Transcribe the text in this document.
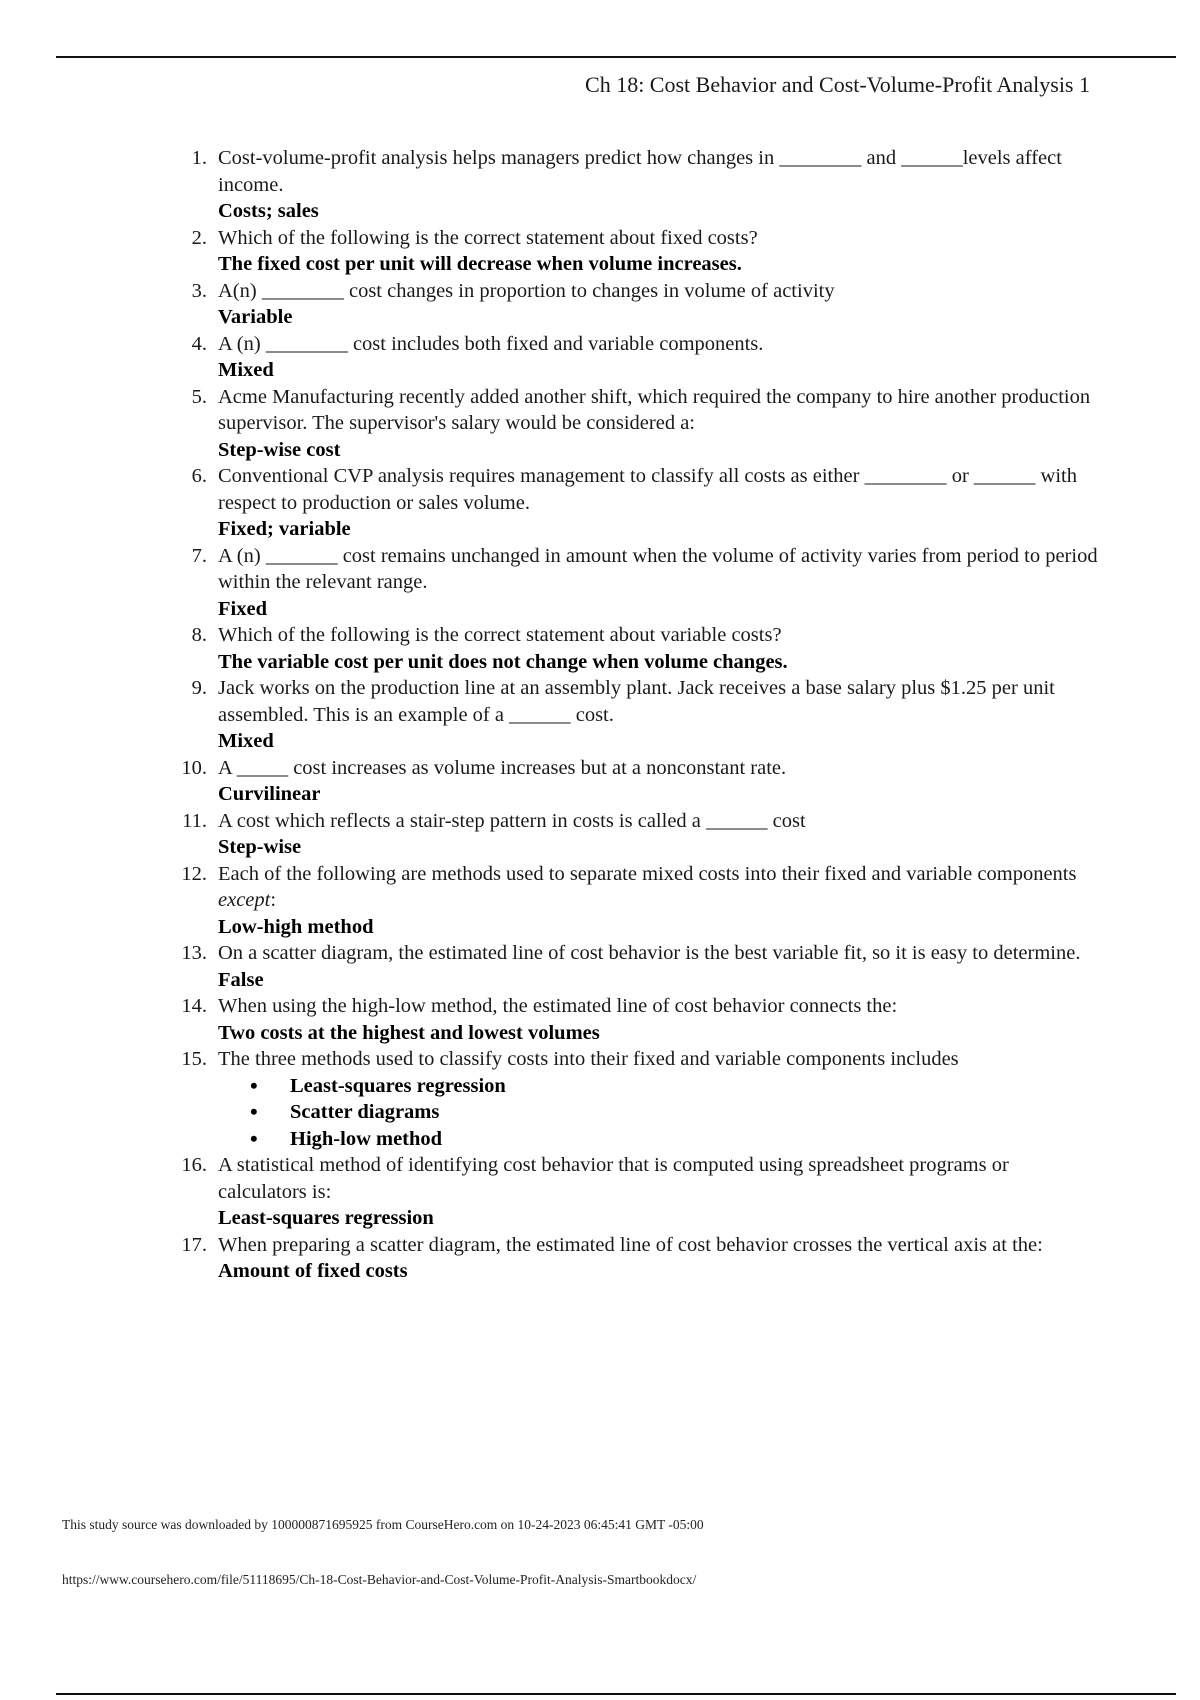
Ch 18: Cost Behavior and Cost-Volume-Profit Analysis 1
1. Cost-volume-profit analysis helps managers predict how changes in ________ and ______levels affect income.
Costs; sales
2. Which of the following is the correct statement about fixed costs?
The fixed cost per unit will decrease when volume increases.
3. A(n) ________ cost changes in proportion to changes in volume of activity
Variable
4. A (n) ________ cost includes both fixed and variable components.
Mixed
5. Acme Manufacturing recently added another shift, which required the company to hire another production supervisor. The supervisor's salary would be considered a:
Step-wise cost
6. Conventional CVP analysis requires management to classify all costs as either ________ or ______ with respect to production or sales volume.
Fixed; variable
7. A (n) _______ cost remains unchanged in amount when the volume of activity varies from period to period within the relevant range.
Fixed
8. Which of the following is the correct statement about variable costs?
The variable cost per unit does not change when volume changes.
9. Jack works on the production line at an assembly plant. Jack receives a base salary plus $1.25 per unit assembled. This is an example of a ______ cost.
Mixed
10. A _____ cost increases as volume increases but at a nonconstant rate.
Curvilinear
11. A cost which reflects a stair-step pattern in costs is called a ______ cost
Step-wise
12. Each of the following are methods used to separate mixed costs into their fixed and variable components except:
Low-high method
13. On a scatter diagram, the estimated line of cost behavior is the best variable fit, so it is easy to determine.
False
14. When using the high-low method, the estimated line of cost behavior connects the:
Two costs at the highest and lowest volumes
15. The three methods used to classify costs into their fixed and variable components includes
• Least-squares regression
• Scatter diagrams
• High-low method
16. A statistical method of identifying cost behavior that is computed using spreadsheet programs or calculators is:
Least-squares regression
17. When preparing a scatter diagram, the estimated line of cost behavior crosses the vertical axis at the:
Amount of fixed costs
This study source was downloaded by 100000871695925 from CourseHero.com on 10-24-2023 06:45:41 GMT -05:00
https://www.coursehero.com/file/51118695/Ch-18-Cost-Behavior-and-Cost-Volume-Profit-Analysis-Smartbookdocx/
